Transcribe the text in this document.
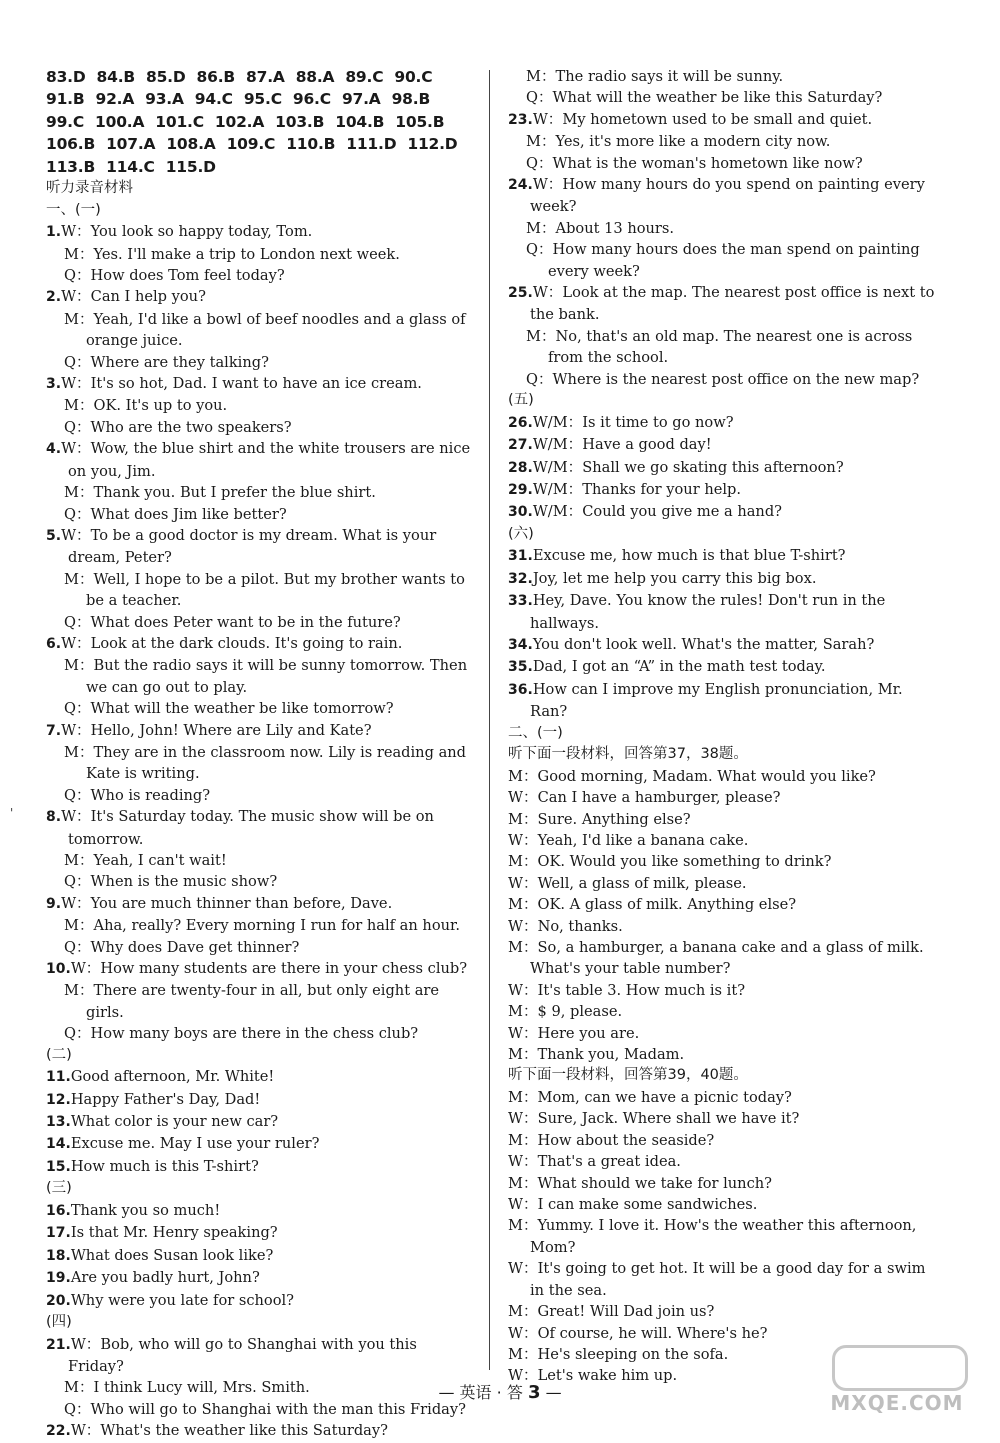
'
83.D 84.B 85.D 86.B 87.A 88.A 89.C 90.C
91.B 92.A 93.A 94.C 95.C 96.C 97.A 98.B
99.C 100.A 101.C 102.A 103.B 104.B 105.B
106.B 107.A 108.A 109.C 110.B 111.D 112.D
113.B 114.C 115.D
听力录音材料
一、(一)
1.W：You look so happy today, Tom.
M：Yes. I'll make a trip to London next week.
Q：How does Tom feel today?
2.W：Can I help you?
M：Yeah, I'd like a bowl of beef noodles and a glass of orange juice.
Q：Where are they talking?
3.W：It's so hot, Dad. I want to have an ice cream.
M：OK. It's up to you.
Q：Who are the two speakers?
4.W：Wow, the blue shirt and the white trousers are nice on you, Jim.
M：Thank you. But I prefer the blue shirt.
Q：What does Jim like better?
5.W：To be a good doctor is my dream. What is your dream, Peter?
M：Well, I hope to be a pilot. But my brother wants to be a teacher.
Q：What does Peter want to be in the future?
6.W：Look at the dark clouds. It's going to rain.
M：But the radio says it will be sunny tomorrow. Then we can go out to play.
Q：What will the weather be like tomorrow?
7.W：Hello, John! Where are Lily and Kate?
M：They are in the classroom now. Lily is reading and Kate is writing.
Q：Who is reading?
8.W：It's Saturday today. The music show will be on tomorrow.
M：Yeah, I can't wait!
Q：When is the music show?
9.W：You are much thinner than before, Dave.
M：Aha, really? Every morning I run for half an hour.
Q：Why does Dave get thinner?
10.W：How many students are there in your chess club?
M：There are twenty-four in all, but only eight are girls.
Q：How many boys are there in the chess club?
(二)
11.Good afternoon, Mr. White!
12.Happy Father's Day, Dad!
13.What color is your new car?
14.Excuse me. May I use your ruler?
15.How much is this T-shirt?
(三)
16.Thank you so much!
17.Is that Mr. Henry speaking?
18.What does Susan look like?
19.Are you badly hurt, John?
20.Why were you late for school?
(四)
21.W：Bob, who will go to Shanghai with you this Friday?
M：I think Lucy will, Mrs. Smith.
Q：Who will go to Shanghai with the man this Friday?
22.W：What's the weather like this Saturday?
M：The radio says it will be sunny.
Q：What will the weather be like this Saturday?
23.W：My hometown used to be small and quiet.
M：Yes, it's more like a modern city now.
Q：What is the woman's hometown like now?
24.W：How many hours do you spend on painting every week?
M：About 13 hours.
Q：How many hours does the man spend on painting every week?
25.W：Look at the map. The nearest post office is next to the bank.
M：No, that's an old map. The nearest one is across from the school.
Q：Where is the nearest post office on the new map?
(五)
26.W/M：Is it time to go now?
27.W/M：Have a good day!
28.W/M：Shall we go skating this afternoon?
29.W/M：Thanks for your help.
30.W/M：Could you give me a hand?
(六)
31.Excuse me, how much is that blue T-shirt?
32.Joy, let me help you carry this big box.
33.Hey, Dave. You know the rules! Don't run in the hallways.
34.You don't look well. What's the matter, Sarah?
35.Dad, I got an “A” in the math test today.
36.How can I improve my English pronunciation, Mr. Ran?
二、(一)
听下面一段材料，回答第37，38题。
M：Good morning, Madam. What would you like?
W：Can I have a hamburger, please?
M：Sure. Anything else?
W：Yeah, I'd like a banana cake.
M：OK. Would you like something to drink?
W：Well, a glass of milk, please.
M：OK. A glass of milk. Anything else?
W：No, thanks.
M：So, a hamburger, a banana cake and a glass of milk. What's your table number?
W：It's table 3. How much is it?
M：$ 9, please.
W：Here you are.
M：Thank you, Madam.
听下面一段材料，回答第39，40题。
M：Mom, can we have a picnic today?
W：Sure, Jack. Where shall we have it?
M：How about the seaside?
W：That's a great idea.
M：What should we take for lunch?
W：I can make some sandwiches.
M：Yummy. I love it. How's the weather this afternoon, Mom?
W：It's going to get hot. It will be a good day for a swim in the sea.
M：Great! Will Dad join us?
W：Of course, he will. Where's he?
M：He's sleeping on the sofa.
W：Let's wake him up.
— 英语 · 答 3 —	MXQE.COM
